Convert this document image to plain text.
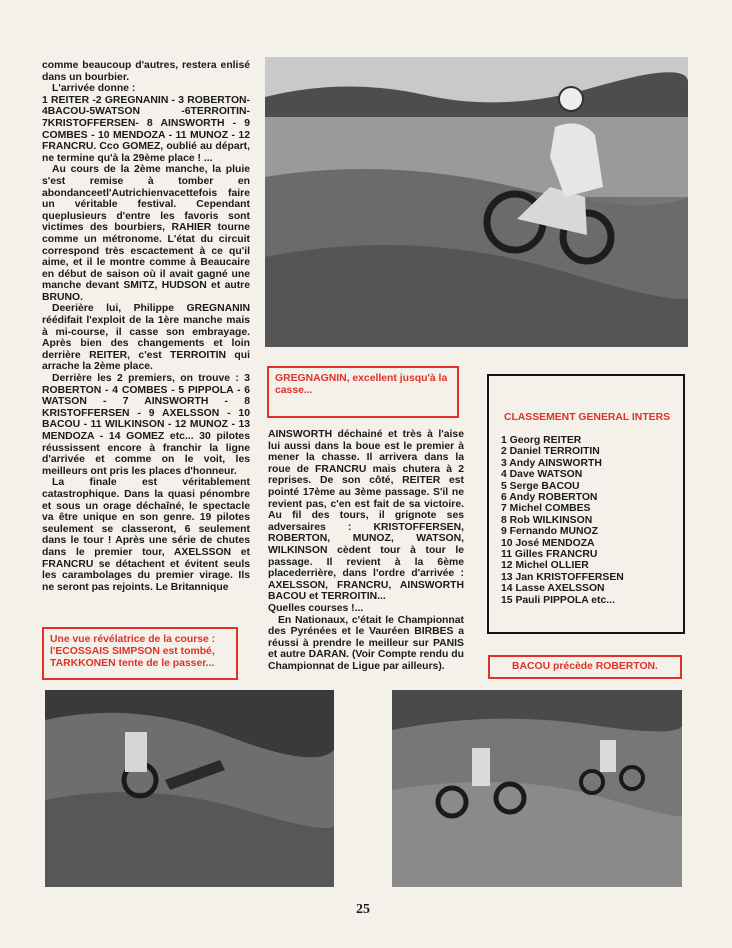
comme beaucoup d'autres, restera enlisé dans un bourbier.

L'arrivée donne :

1 REITER -2 GREGNANIN - 3 ROBERTON-4BACOU-5WATSON -6TERROITIN-7KRISTOFFERSEN- 8 AINSWORTH - 9 COMBES - 10 MENDOZA - 11 MUNOZ - 12 FRANCRU. Cco GOMEZ, oublié au départ, ne termine qu'à la 29ème place ! ...

Au cours de la 2ème manche, la pluie s'est remise à tomber en abondanceetl'Autrichienvacettefois faire un véritable festival. Cependant queplusieurs d'entre les favoris sont victimes des bourbiers, RAHIER tourne comme un métronome. L'état du circuit correspond très escactement à ce qu'il aime, et il le montre comme à Beaucaire en début de saison où il avait gagné une manche devant SMITZ, HUDSON et autre BRUNO.

Deerière lui, Philippe GREGNANIN réédifait l'exploit de la 1ère manche mais à mi-course, il casse son embrayage. Après bien des changements et loin derrière REITER, c'est TERROITIN qui arrache la 2ème place.

Derrière les 2 premiers, on trouve : 3 ROBERTON - 4 COMBES - 5 PIPPOLA - 6 WATSON - 7 AINSWORTH - 8 KRISTOFFERSEN - 9 AXELSSON - 10 BACOU - 11 WILKINSON - 12 MUNOZ - 13 MENDOZA - 14 GOMEZ etc... 30 pilotes réussissent encore à franchir la ligne d'arrivée et comme on le voit, les meilleurs ont pris les places d'honneur.

La finale est véritablement catastrophique. Dans la quasi pénombre et sous un orage déchaîné, le spectacle va être unique en son genre. 19 pilotes seulement se classeront, 6 seulement dans le tour ! Après une série de chutes dans le premier tour, AXELSSON et FRANCRU se détachent et évitent seuls les carambolages du premier virage. Ils ne seront pas rejoints. Le Britannique

GREGNAGNIN, excellent jusqu'à la casse...

AINSWORTH déchainé et très à l'aise lui aussi dans la boue est le premier à mener la chasse. Il arrivera dans la roue de FRANCRU mais chutera à 2 reprises. De son côté, REITER est pointé 17ème au 3ème passage. S'il ne revient pas, c'en est fait de sa victoire. Au fil des tours, il grignote ses adversaires : KRISTOFFERSEN, ROBERTON, MUNOZ, WATSON, WILKINSON cèdent tour à tour le passage. Il revient à la 6ème placederrière, dans l'ordre d'arrivée : AXELSSON, FRANCRU, AINSWORTH BACOU et TERROITIN...

Quelles courses !...

En Nationaux, c'était le Championnat des Pyrénées et le Vauréen BIRBES a réussi à prendre le meilleur sur PANIS et autre DARAN. (Voir Compte rendu du Championnat de Ligue par ailleurs).

CLASSEMENT GENERAL INTERS
1 Georg REITER
2 Daniel TERROITIN
3 Andy AINSWORTH
4 Dave WATSON
5 Serge BACOU
6 Andy ROBERTON
7 Michel COMBES
8 Rob WILKINSON
9 Fernando MUNOZ
10 José MENDOZA
11 Gilles FRANCRU
12 Michel OLLIER
13 Jan KRISTOFFERSEN
14 Lasse AXELSSON
15 Pauli PIPPOLA etc...
Une vue révélatrice de la course : l'ECOSSAIS SIMPSON est tombé, TARKKONEN tente de le passer...	BACOU précède ROBERTON.
25
